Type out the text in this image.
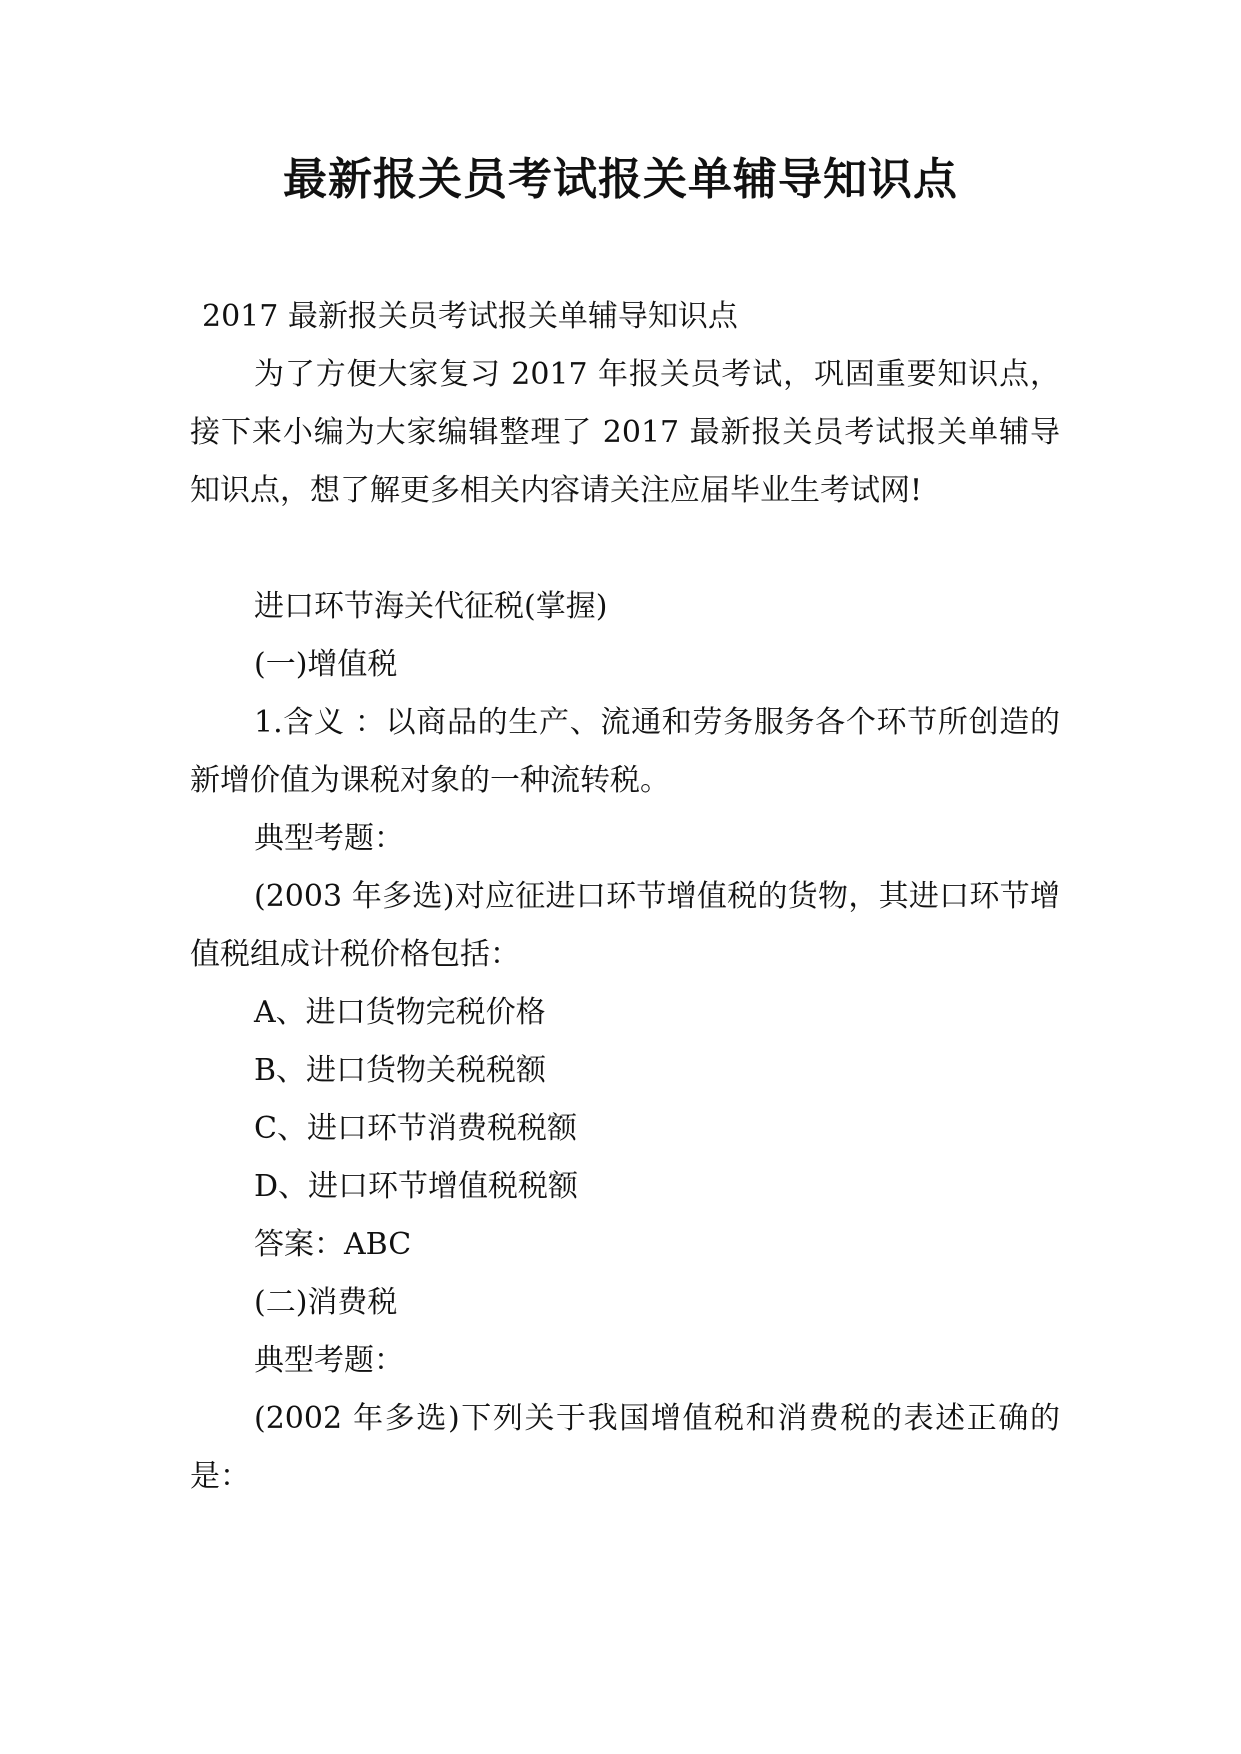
最新报关员考试报关单辅导知识点

2017 最新报关员考试报关单辅导知识点

为了方便大家复习 2017 年报关员考试，巩固重要知识点，接下来小编为大家编辑整理了 2017 最新报关员考试报关单辅导知识点，想了解更多相关内容请关注应届毕业生考试网!

进口环节海关代征税(掌握)

(一)增值税

1.含义 ：以商品的生产、流通和劳务服务各个环节所创造的新增价值为课税对象的一种流转税。

典型考题：

(2003 年多选)对应征进口环节增值税的货物，其进口环节增值税组成计税价格包括：

A、进口货物完税价格

B、进口货物关税税额

C、进口环节消费税税额

D、进口环节增值税税额

答案：ABC

(二)消费税

典型考题：

(2002 年多选)下列关于我国增值税和消费税的表述正确的是：
